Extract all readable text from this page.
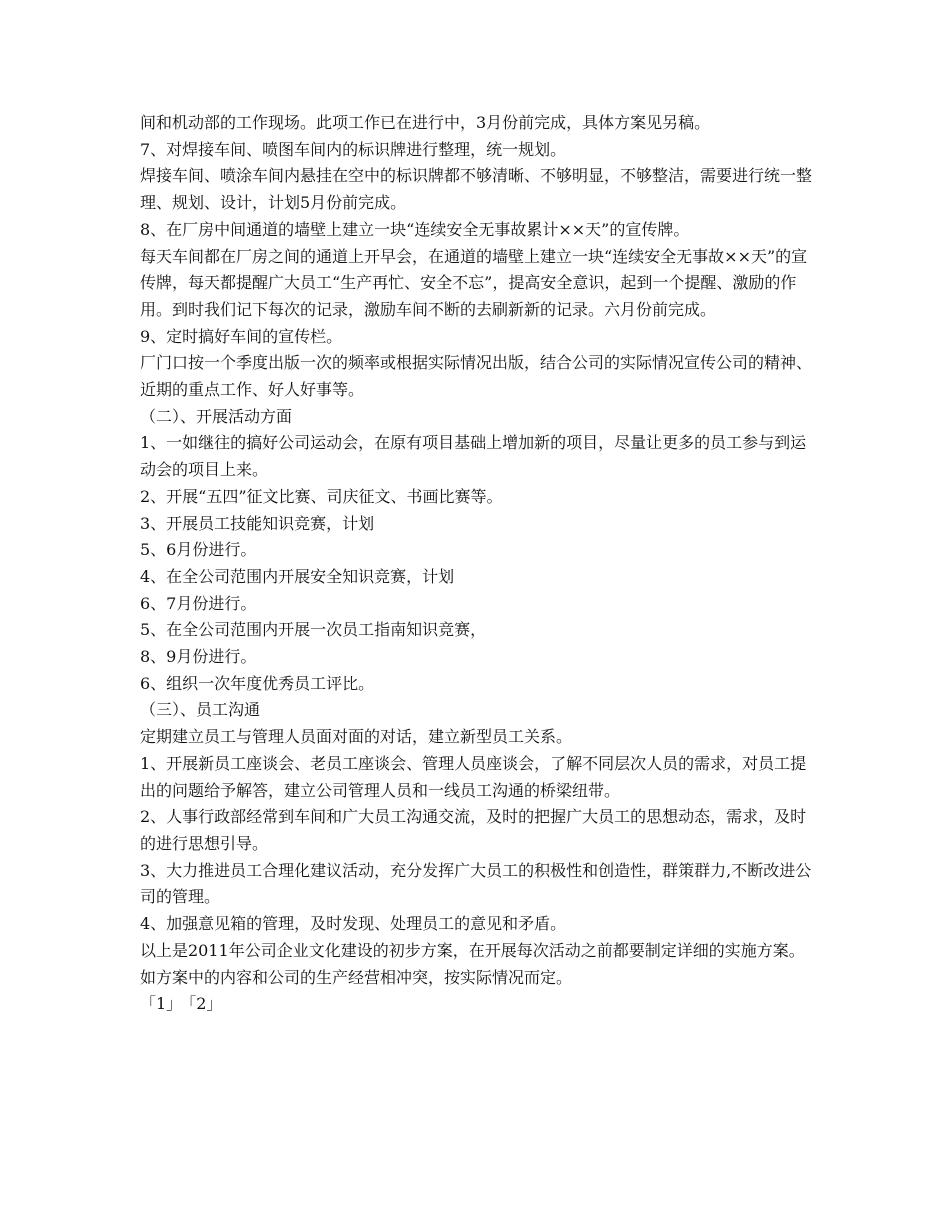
间和机动部的工作现场。此项工作已在进行中，3月份前完成，具体方案见另稿。

7、对焊接车间、喷图车间内的标识牌进行整理，统一规划。

焊接车间、喷涂车间内悬挂在空中的标识牌都不够清晰、不够明显，不够整洁，需要进行统一整理、规划、设计，计划5月份前完成。

8、在厂房中间通道的墙壁上建立一块“连续安全无事故累计××天”的宣传牌。

每天车间都在厂房之间的通道上开早会，在通道的墙壁上建立一块“连续安全无事故××天”的宣传牌，每天都提醒广大员工“生产再忙、安全不忘”，提高安全意识，起到一个提醒、激励的作用。到时我们记下每次的记录，激励车间不断的去刷新新的记录。六月份前完成。

9、定时搞好车间的宣传栏。

厂门口按一个季度出版一次的频率或根据实际情况出版，结合公司的实际情况宣传公司的精神、近期的重点工作、好人好事等。

（二）、开展活动方面

1、一如继往的搞好公司运动会，在原有项目基础上增加新的项目，尽量让更多的员工参与到运动会的项目上来。

2、开展“五四”征文比赛、司庆征文、书画比赛等。

3、开展员工技能知识竞赛，计划

5、6月份进行。

4、在全公司范围内开展安全知识竞赛，计划

6、7月份进行。

5、在全公司范围内开展一次员工指南知识竞赛，

8、9月份进行。

6、组织一次年度优秀员工评比。

（三）、员工沟通

定期建立员工与管理人员面对面的对话，建立新型员工关系。

1、开展新员工座谈会、老员工座谈会、管理人员座谈会，了解不同层次人员的需求，对员工提出的问题给予解答，建立公司管理人员和一线员工沟通的桥梁纽带。

2、人事行政部经常到车间和广大员工沟通交流，及时的把握广大员工的思想动态，需求，及时的进行思想引导。

3、大力推进员工合理化建议活动，充分发挥广大员工的积极性和创造性，群策群力,不断改进公司的管理。

4、加强意见箱的管理，及时发现、处理员工的意见和矛盾。

以上是2011年公司企业文化建设的初步方案，在开展每次活动之前都要制定详细的实施方案。如方案中的内容和公司的生产经营相冲突，按实际情况而定。

「1」 「2」
